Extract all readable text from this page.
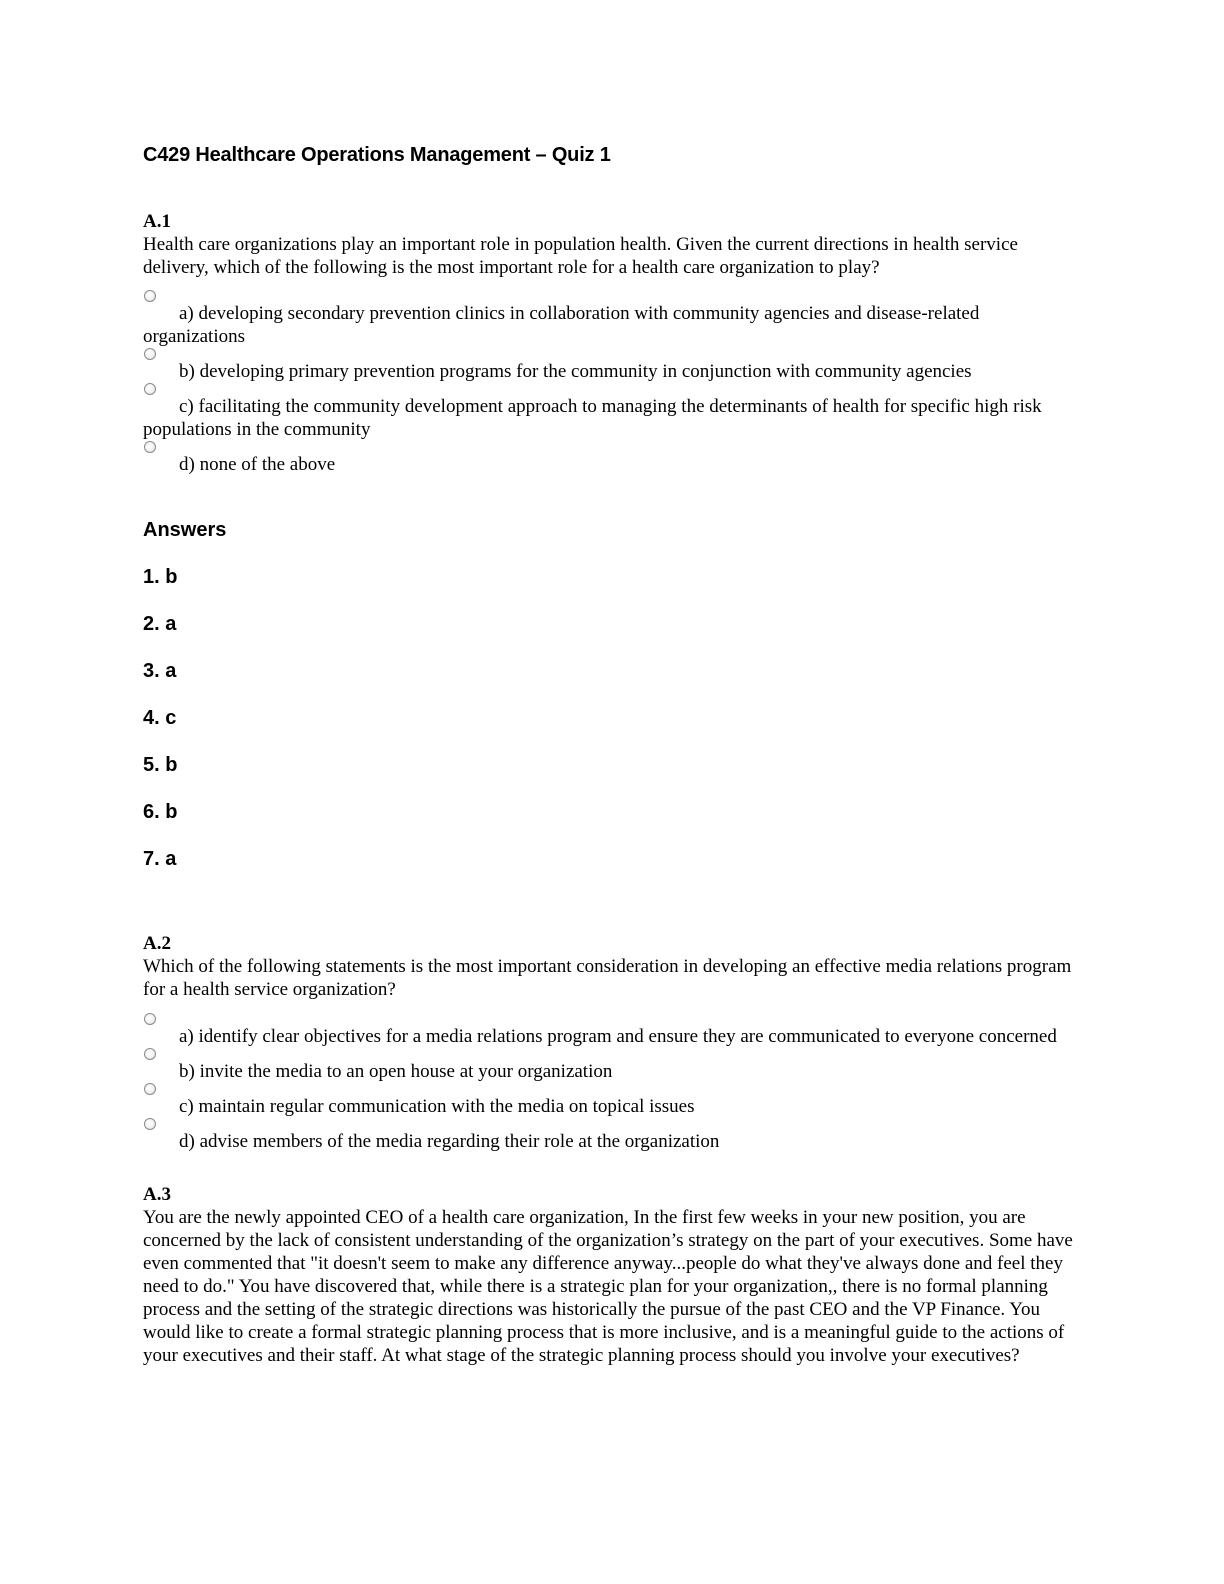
C429 Healthcare Operations Management – Quiz 1
A.1
Health care organizations play an important role in population health. Given the current directions in health service delivery, which of the following is the most important role for a health care organization to play?
a) developing secondary prevention clinics in collaboration with community agencies and disease-related organizations
b) developing primary prevention programs for the community in conjunction with community agencies
c) facilitating the community development approach to managing the determinants of health for specific high risk populations in the community
d) none of the above
Answers
1. b
2. a
3. a
4. c
5. b
6. b
7. a
A.2
Which of the following statements is the most important consideration in developing an effective media relations program for a health service organization?
a) identify clear objectives for a media relations program and ensure they are communicated to everyone concerned
b) invite the media to an open house at your organization
c) maintain regular communication with the media on topical issues
d) advise members of the media regarding their role at the organization
A.3
You are the newly appointed CEO of a health care organization, In the first few weeks in your new position, you are concerned by the lack of consistent understanding of the organization’s strategy on the part of your executives. Some have even commented that "it doesn't seem to make any difference anyway...people do what they've always done and feel they need to do." You have discovered that, while there is a strategic plan for your organization,, there is no formal planning process and the setting of the strategic directions was historically the pursue of the past CEO and the VP Finance. You would like to create a formal strategic planning process that is more inclusive, and is a meaningful guide to the actions of your executives and their staff. At what stage of the strategic planning process should you involve your executives?
